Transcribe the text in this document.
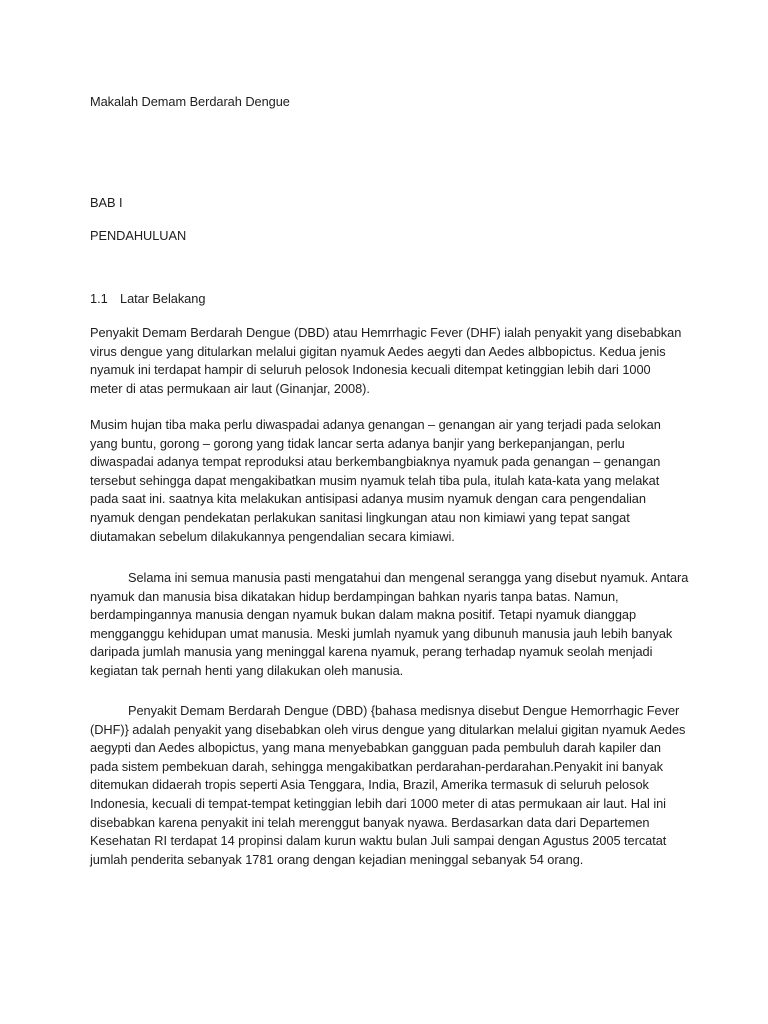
Makalah Demam Berdarah Dengue

BAB I

PENDAHULUAN

1.1 Latar Belakang

Penyakit Demam Berdarah Dengue (DBD) atau Hemrrhagic Fever (DHF) ialah penyakit yang disebabkan

virus dengue yang ditularkan melalui gigitan nyamuk Aedes aegyti dan Aedes albbopictus. Kedua jenis

nyamuk ini terdapat hampir di seluruh pelosok Indonesia kecuali ditempat ketinggian lebih dari 1000

meter di atas permukaan air laut (Ginanjar, 2008).

Musim hujan tiba maka perlu diwaspadai adanya genangan – genangan air yang terjadi pada selokan

yang buntu, gorong – gorong yang tidak lancar serta adanya banjir yang berkepanjangan, perlu

diwaspadai adanya tempat reproduksi atau berkembangbiaknya nyamuk pada genangan – genangan

tersebut sehingga dapat mengakibatkan musim nyamuk telah tiba pula, itulah kata-kata yang melakat

pada saat ini. saatnya kita melakukan antisipasi adanya musim nyamuk dengan cara pengendalian

nyamuk dengan pendekatan perlakukan sanitasi lingkungan atau non kimiawi yang tepat sangat

diutamakan sebelum dilakukannya pengendalian secara kimiawi.

Selama ini semua manusia pasti mengatahui dan mengenal serangga yang disebut nyamuk. Antara

nyamuk dan manusia bisa dikatakan hidup berdampingan bahkan nyaris tanpa batas. Namun,

berdampingannya manusia dengan nyamuk bukan dalam makna positif. Tetapi nyamuk dianggap

mengganggu kehidupan umat manusia. Meski jumlah nyamuk yang dibunuh manusia jauh lebih banyak

daripada jumlah manusia yang meninggal karena nyamuk, perang terhadap nyamuk seolah menjadi

kegiatan tak pernah henti yang dilakukan oleh manusia.

Penyakit Demam Berdarah Dengue (DBD) {bahasa medisnya disebut Dengue Hemorrhagic Fever

(DHF)} adalah penyakit yang disebabkan oleh virus dengue yang ditularkan melalui gigitan nyamuk Aedes

aegypti dan Aedes albopictus, yang mana menyebabkan gangguan pada pembuluh darah kapiler dan

pada sistem pembekuan darah, sehingga mengakibatkan perdarahan-perdarahan.Penyakit ini banyak

ditemukan didaerah tropis seperti Asia Tenggara, India, Brazil, Amerika termasuk di seluruh pelosok

Indonesia, kecuali di tempat-tempat ketinggian lebih dari 1000 meter di atas permukaan air laut. Hal ini

disebabkan karena penyakit ini telah merenggut banyak nyawa. Berdasarkan data dari Departemen

Kesehatan RI terdapat 14 propinsi dalam kurun waktu bulan Juli sampai dengan Agustus 2005 tercatat

jumlah penderita sebanyak 1781 orang dengan kejadian meninggal sebanyak 54 orang.
